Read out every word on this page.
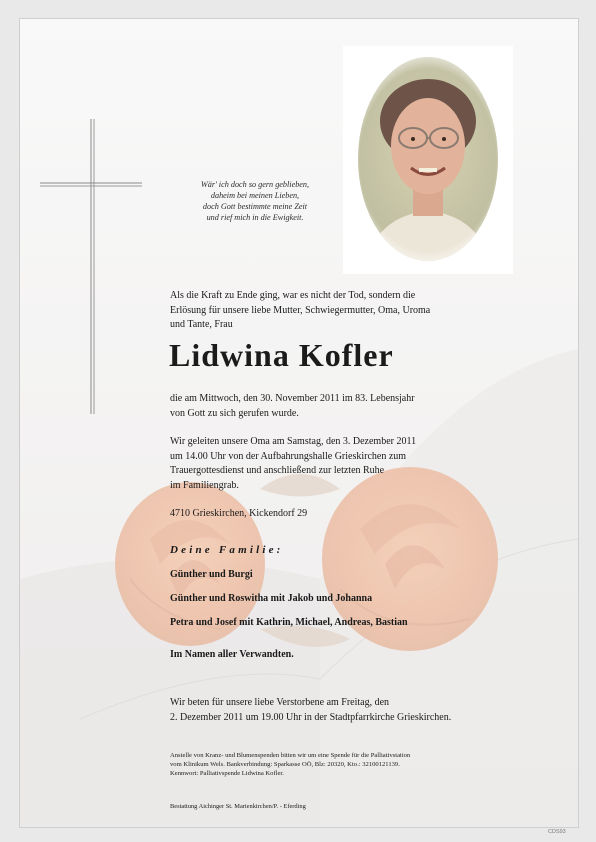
Wär' ich doch so gern geblieben,
daheim bei meinen Lieben,
doch Gott bestimmte meine Zeit
und rief mich in die Ewigkeit.
Als die Kraft zu Ende ging, war es nicht der Tod, sondern die
Erlösung für unsere liebe Mutter, Schwiegermutter, Oma, Uroma
und Tante, Frau
Lidwina Kofler
die am Mittwoch, den 30. November 2011 im 83. Lebensjahr
von Gott zu sich gerufen wurde.
Wir geleiten unsere Oma am Samstag, den 3. Dezember 2011
um 14.00 Uhr von der Aufbahrungshalle Grieskirchen zum
Trauergottesdienst und anschließend zur letzten Ruhe
im Familiengrab.
4710 Grieskirchen, Kickendorf 29
Deine Familie:
Günther und Burgi
Günther und Roswitha mit Jakob und Johanna
Petra und Josef mit Kathrin, Michael, Andreas, Bastian
Im Namen aller Verwandten.
Wir beten für unsere liebe Verstorbene am Freitag, den
2. Dezember 2011 um 19.00 Uhr in der Stadtpfarrkirche Grieskirchen.
Anstelle von Kranz- und Blumenspenden bitten wir um eine Spende für die Palliativstation
vom Klinikum Wels. Bankverbindung: Sparkasse OÖ, Blz: 20320, Kto.: 32100121139.
Kennwort: Palliativspende Lidwina Kofler.
Bestattung Aichinger St. Marienkirchen/P. - Eferding
CDS93
